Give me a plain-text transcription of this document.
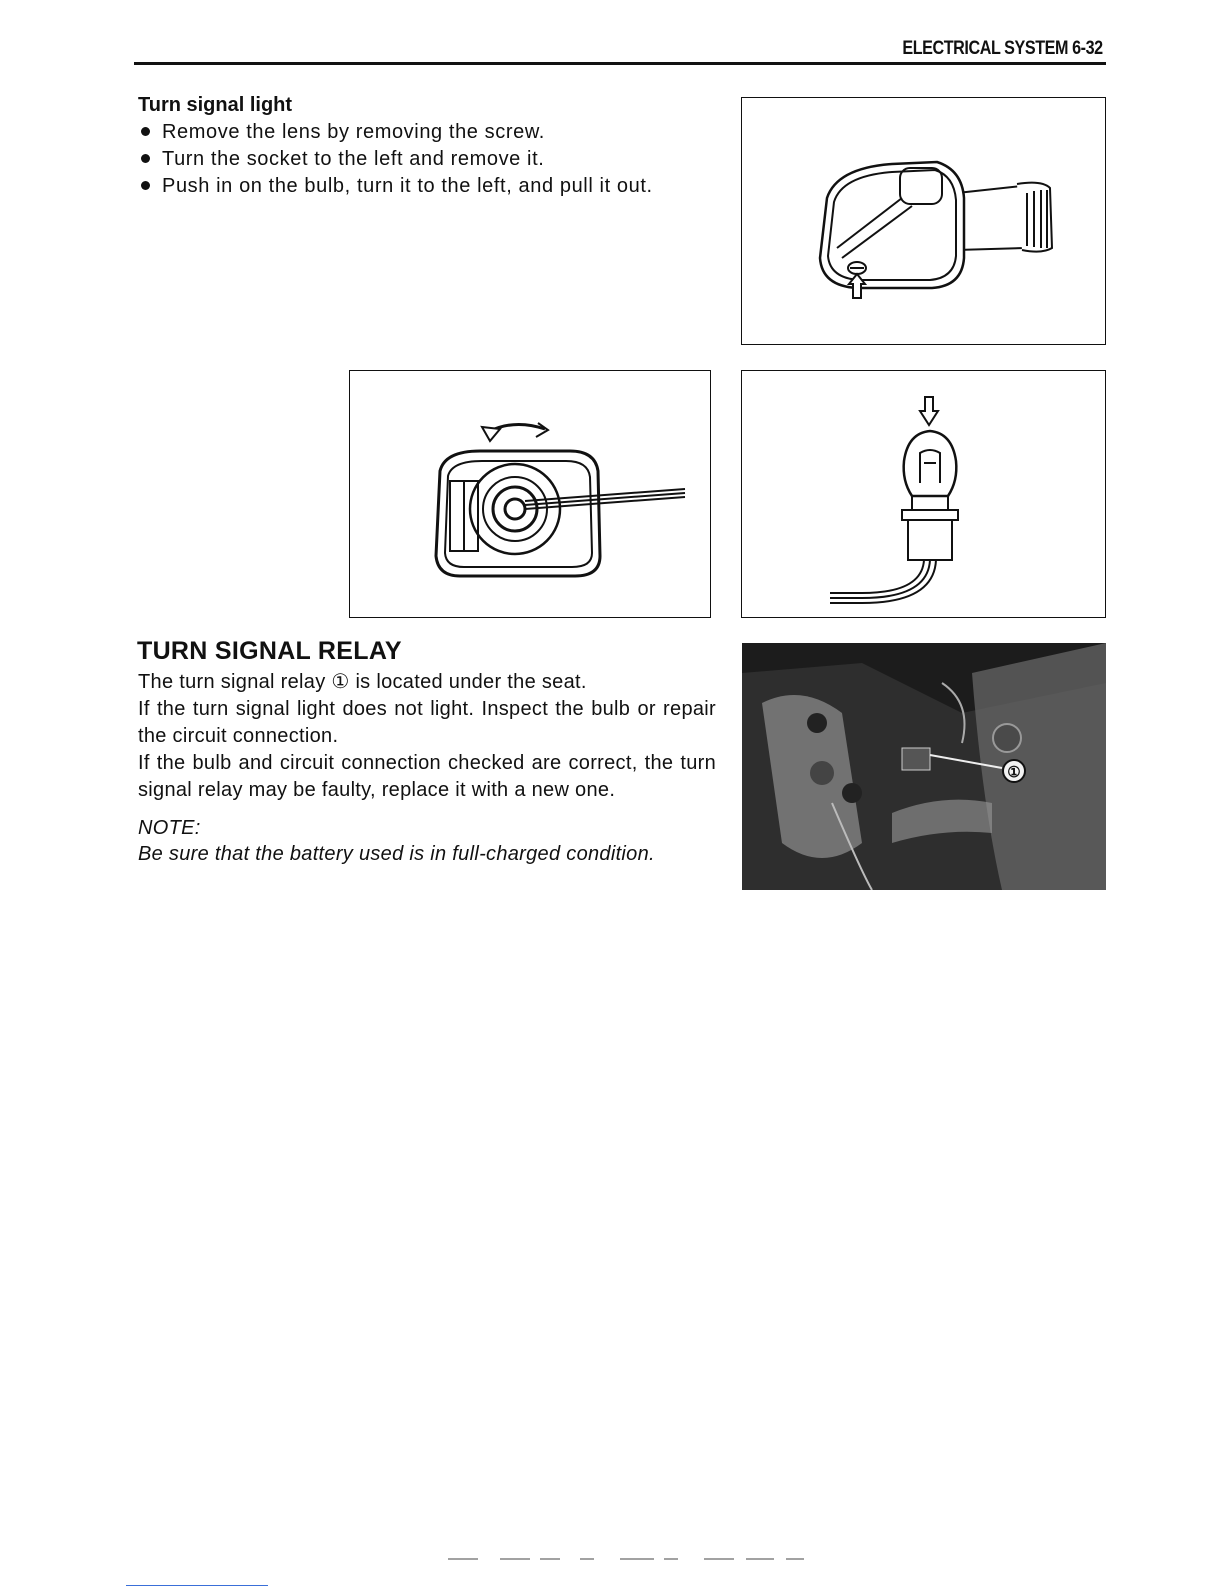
ELECTRICAL SYSTEM 6-32
Turn signal light
Remove the lens by removing the screw.
Turn the socket to the left and remove it.
Push in on the bulb, turn it to the left, and pull it out.
TURN SIGNAL RELAY

The turn signal relay ① is located under the seat.

If the turn signal light does not light. Inspect the bulb or repair the circuit connection.

If the bulb and circuit connection checked are correct, the turn signal relay may be faulty, replace it with a new one.

NOTE:
Be sure that the battery used is in full-charged condition.
①
